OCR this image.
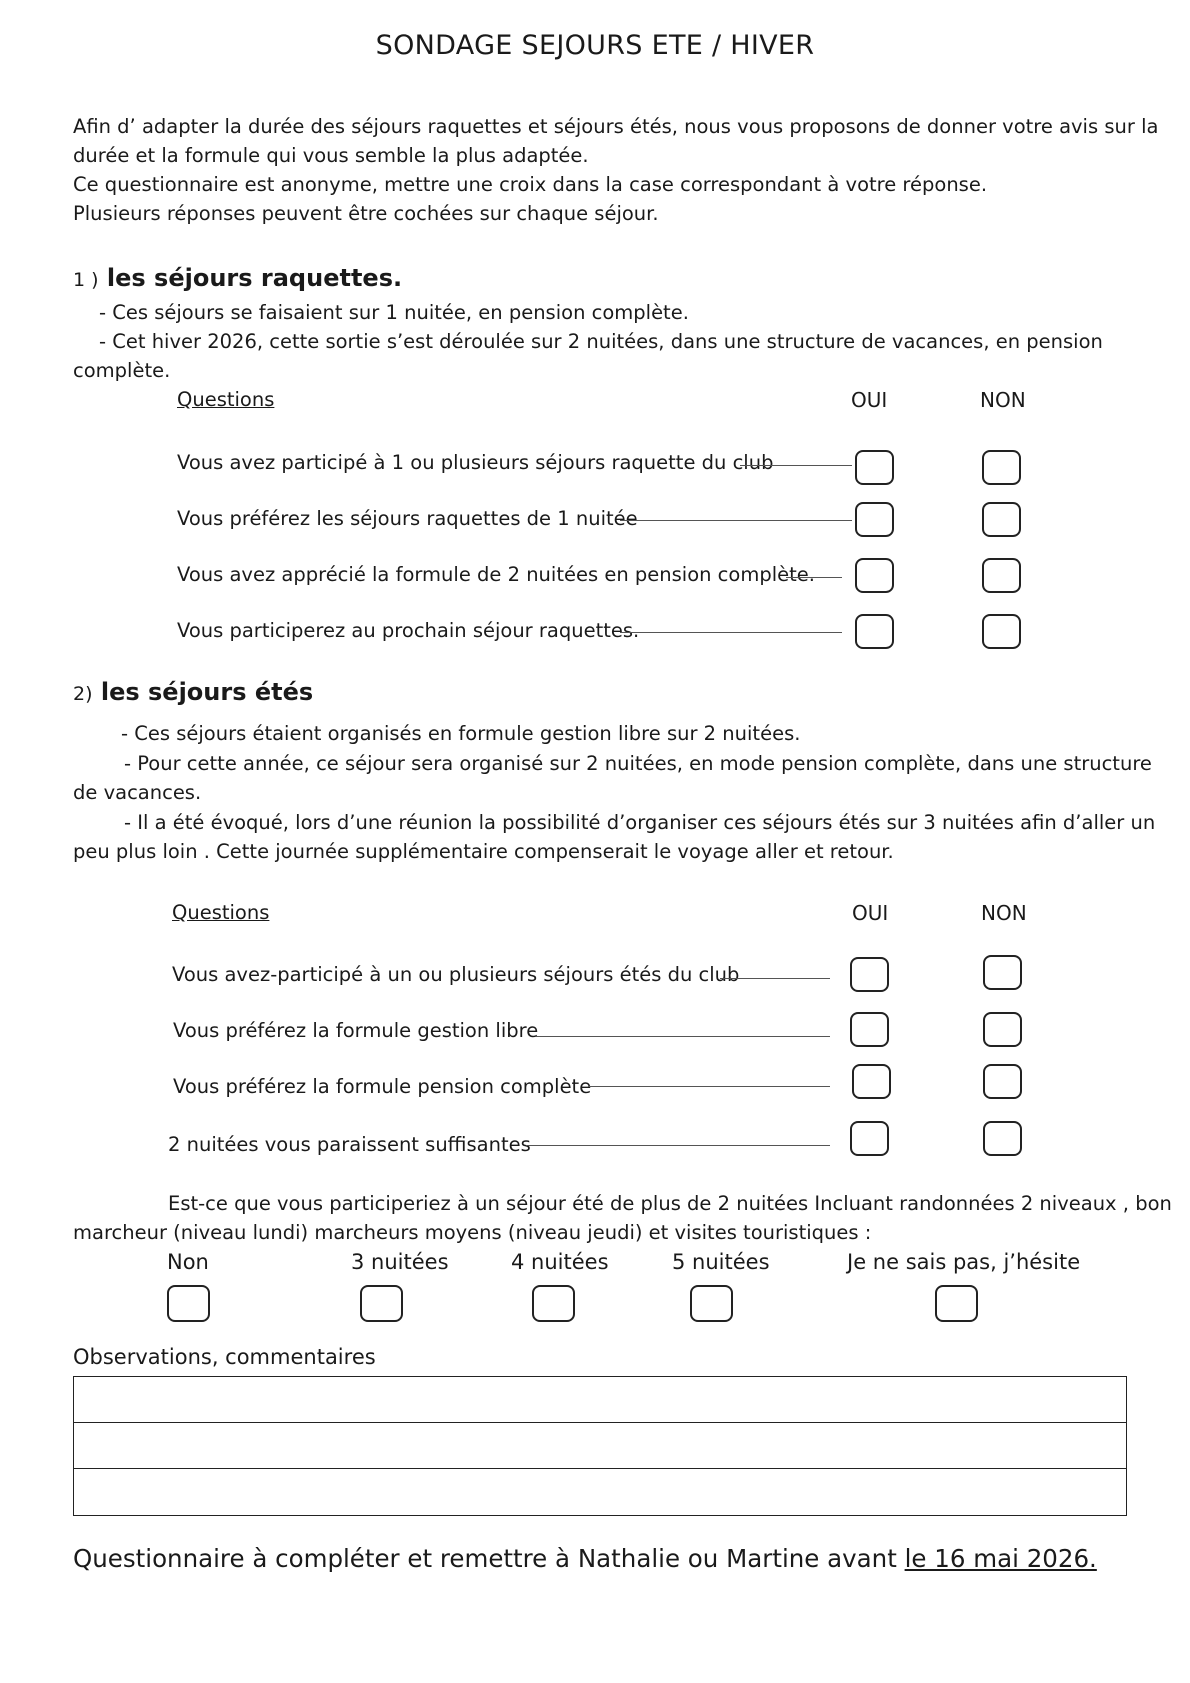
SONDAGE SEJOURS ETE / HIVER
Afin d’ adapter la durée des séjours raquettes et séjours étés, nous vous proposons de donner votre avis sur la
durée et la formule qui vous semble la plus adaptée.
Ce questionnaire est anonyme, mettre une croix dans la case correspondant à votre réponse.
Plusieurs réponses peuvent être cochées sur chaque séjour.
1 ) les séjours raquettes.
- Ces séjours se faisaient sur 1 nuitée, en pension complète.
- Cet hiver 2026, cette sortie s’est déroulée sur 2 nuitées, dans une structure de vacances, en pension
complète.
Questions	OUI	NON
Vous avez participé à 1 ou plusieurs séjours raquette du club
Vous préférez les séjours raquettes de 1 nuitée
Vous avez apprécié la formule de 2 nuitées en pension complète.
Vous participerez au prochain séjour raquettes.
2) les séjours étés
- Ces séjours étaient organisés en formule gestion libre sur 2 nuitées.
- Pour cette année, ce séjour sera organisé sur 2 nuitées, en mode pension complète, dans une structure
de vacances.
- Il a été évoqué, lors d’une réunion la possibilité d’organiser ces séjours étés sur 3 nuitées afin d’aller un
peu plus loin . Cette journée supplémentaire compenserait le voyage aller et retour.
Questions	OUI	NON
Vous avez-participé à un ou plusieurs séjours étés du club
Vous préférez la formule gestion libre
Vous préférez la formule pension complète
2 nuitées vous paraissent suffisantes
Est-ce que vous participeriez à un séjour été de plus de 2 nuitées Incluant randonnées 2 niveaux , bon
marcheur (niveau lundi) marcheurs moyens (niveau jeudi) et visites touristiques :
Non	3 nuitées	4 nuitées	5 nuitées	Je ne sais pas, j’hésite
Observations, commentaires
Questionnaire à compléter et remettre à Nathalie ou Martine avant le 16 mai 2026.
